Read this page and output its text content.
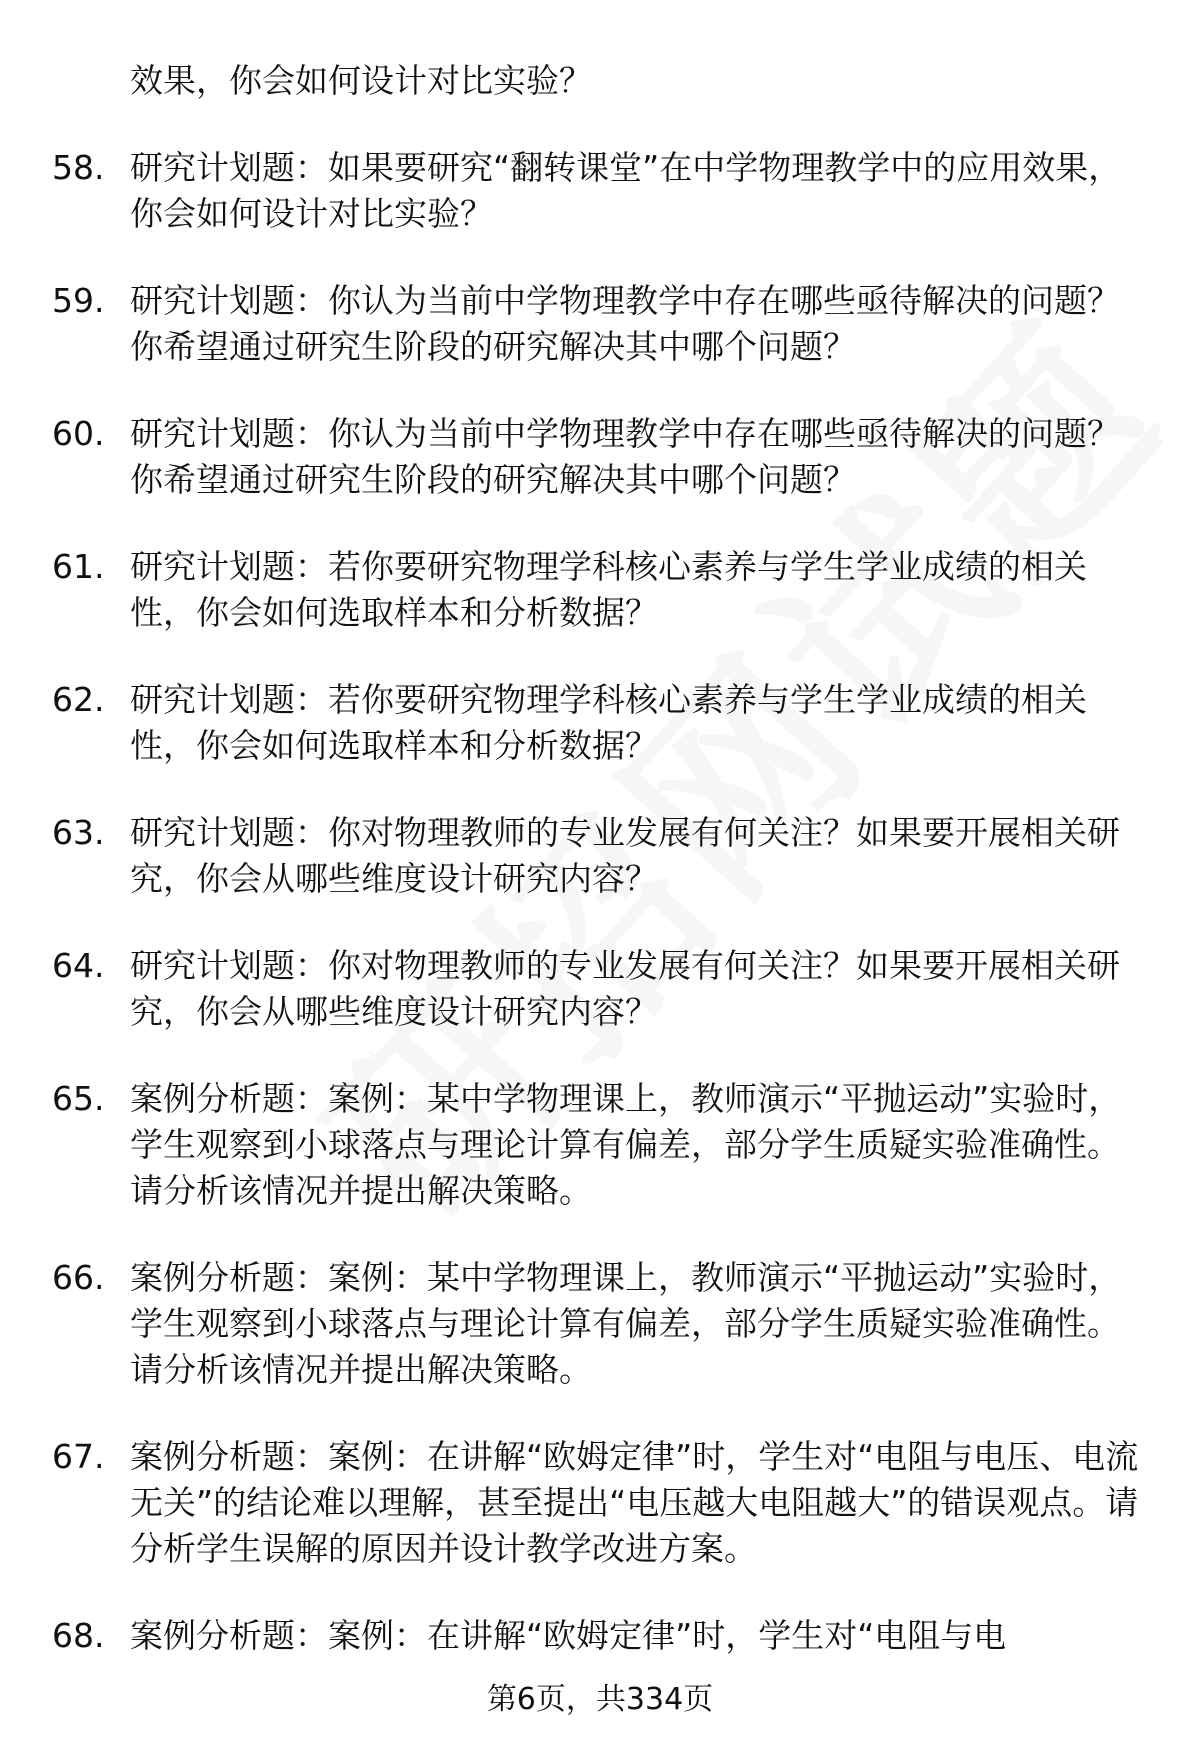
效果，你会如何设计对比实验？
58. 研究计划题：如果要研究“翻转课堂”在中学物理教学中的应用效果，你会如何设计对比实验？
59. 研究计划题：你认为当前中学物理教学中存在哪些亟待解决的问题？你希望通过研究生阶段的研究解决其中哪个问题？
60. 研究计划题：你认为当前中学物理教学中存在哪些亟待解决的问题？你希望通过研究生阶段的研究解决其中哪个问题？
61. 研究计划题：若你要研究物理学科核心素养与学生学业成绩的相关性，你会如何选取样本和分析数据？
62. 研究计划题：若你要研究物理学科核心素养与学生学业成绩的相关性，你会如何选取样本和分析数据？
63. 研究计划题：你对物理教师的专业发展有何关注？如果要开展相关研究，你会从哪些维度设计研究内容？
64. 研究计划题：你对物理教师的专业发展有何关注？如果要开展相关研究，你会从哪些维度设计研究内容？
65. 案例分析题：案例：某中学物理课上，教师演示“平抛运动”实验时，学生观察到小球落点与理论计算有偏差，部分学生质疑实验准确性。请分析该情况并提出解决策略。
66. 案例分析题：案例：某中学物理课上，教师演示“平抛运动”实验时，学生观察到小球落点与理论计算有偏差，部分学生质疑实验准确性。请分析该情况并提出解决策略。
67. 案例分析题：案例：在讲解“欧姆定律”时，学生对“电阻与电压、电流无关”的结论难以理解，甚至提出“电压越大电阻越大”的错误观点。请分析学生误解的原因并设计教学改进方案。
68. 案例分析题：案例：在讲解“欧姆定律”时，学生对“电阻与电
第6页，共334页
